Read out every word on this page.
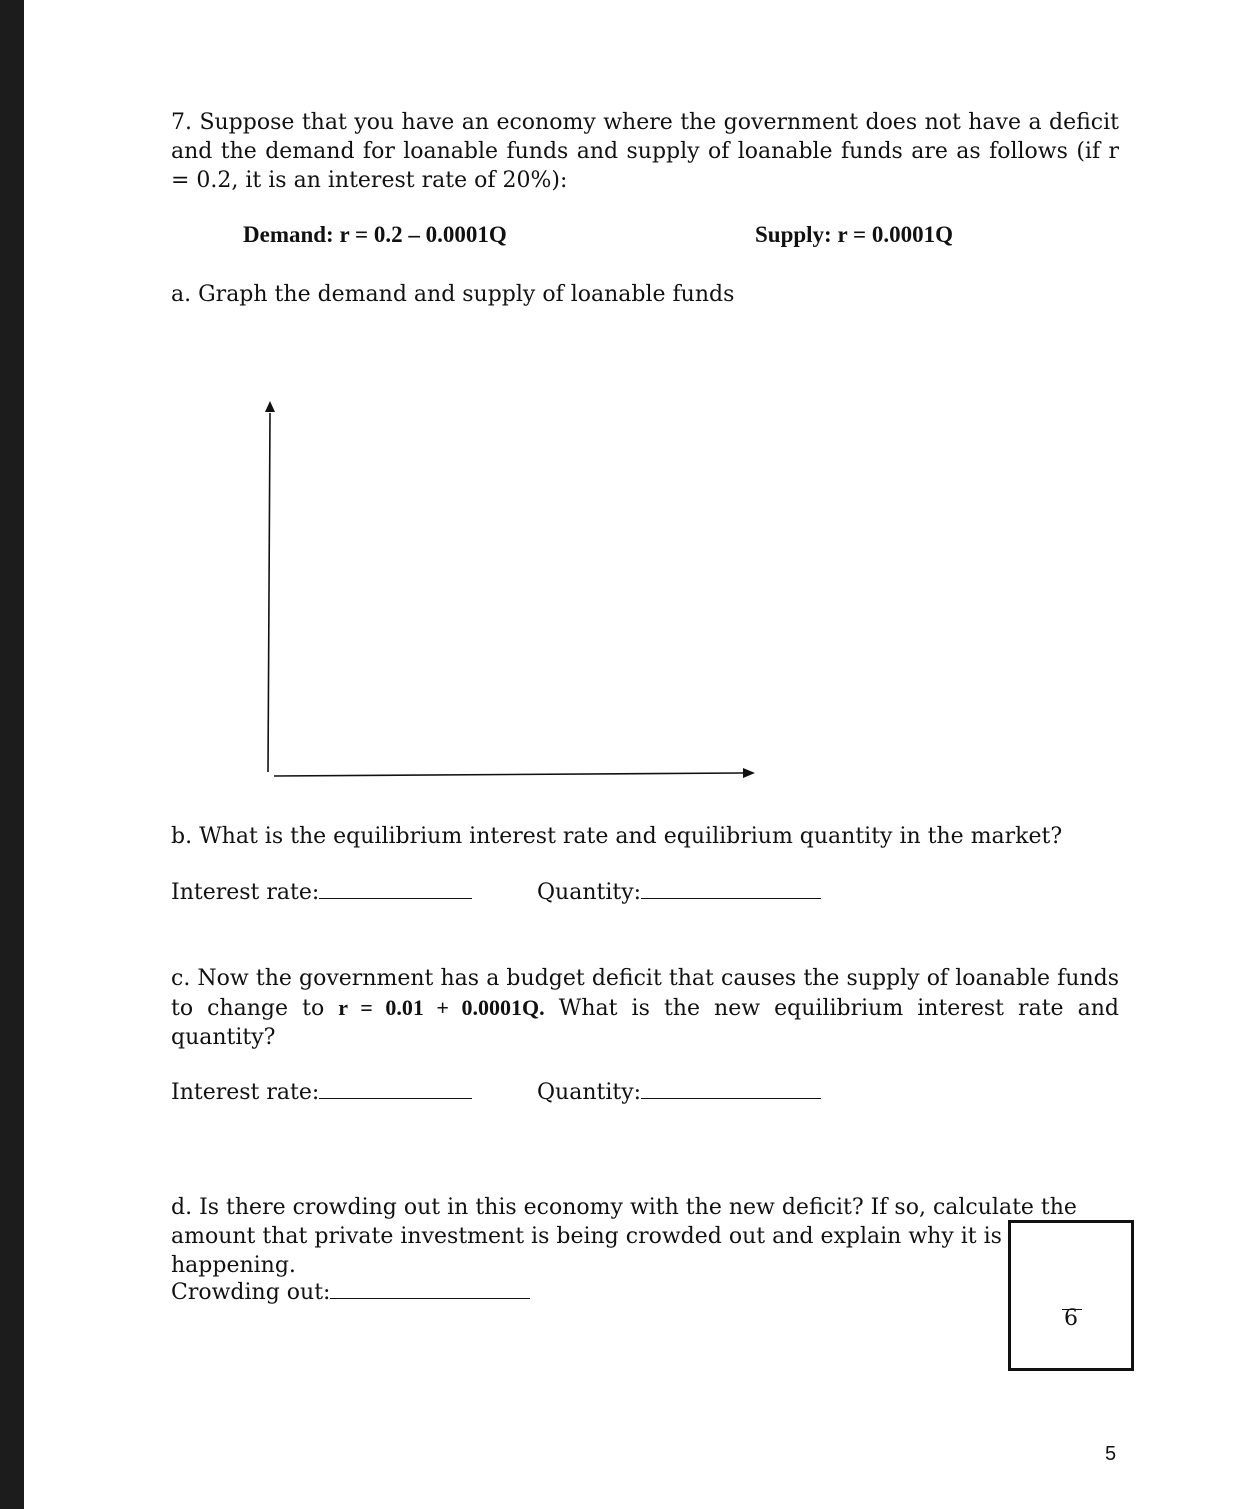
7. Suppose that you have an economy where the government does not have a deficit and the demand for loanable funds and supply of loanable funds are as follows (if r = 0.2, it is an interest rate of 20%):
Demand: r = 0.2 – 0.0001Q	Supply: r = 0.0001Q
a. Graph the demand and supply of loanable funds
b. What is the equilibrium interest rate and equilibrium quantity in the market?
Interest rate:	Quantity:
c. Now the government has a budget deficit that causes the supply of loanable funds to change to r = 0.01 + 0.0001Q. What is the new equilibrium interest rate and quantity?
Interest rate:	Quantity:
d. Is there crowding out in this economy with the new deficit? If so, calculate the amount that private investment is being crowded out and explain why it is happening.
Crowding out:
6
5
